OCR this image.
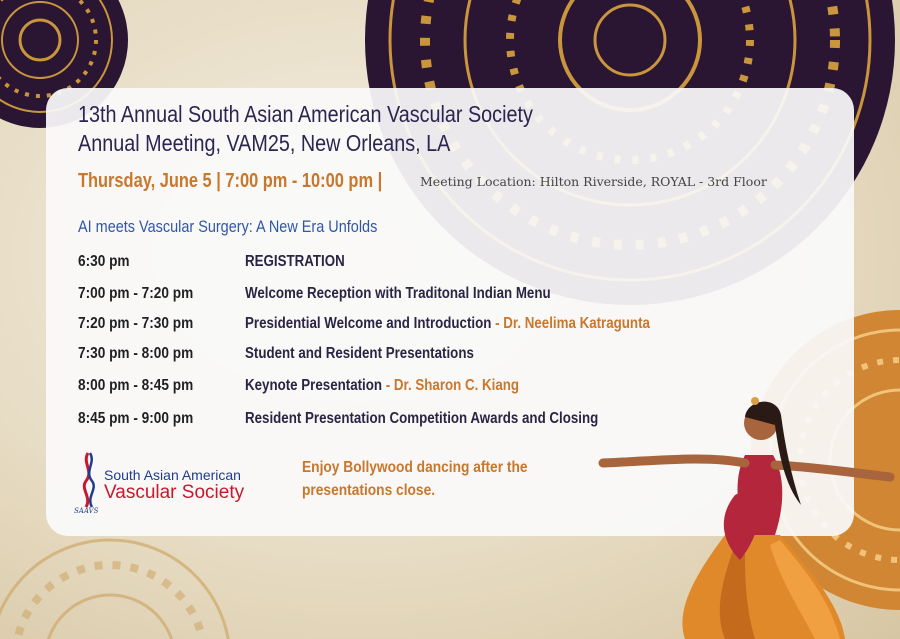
13th Annual South Asian American Vascular Society
Annual Meeting, VAM25, New Orleans, LA
Thursday, June 5 | 7:00 pm - 10:00 pm |	Meeting Location: Hilton Riverside, ROYAL - 3rd Floor
AI meets Vascular Surgery: A New Era Unfolds
6:30 pm	REGISTRATION
7:00 pm - 7:20 pm	Welcome Reception with Traditonal Indian Menu
7:20 pm - 7:30 pm	Presidential Welcome and Introduction - Dr. Neelima Katragunta
7:30 pm - 8:00 pm	Student and Resident Presentations
8:00 pm - 8:45 pm	Keynote Presentation - Dr. Sharon C. Kiang
8:45 pm - 9:00 pm	Resident Presentation Competition Awards and Closing
SAAVS
South Asian American
Vascular Society
Enjoy Bollywood dancing after the
presentations close.
